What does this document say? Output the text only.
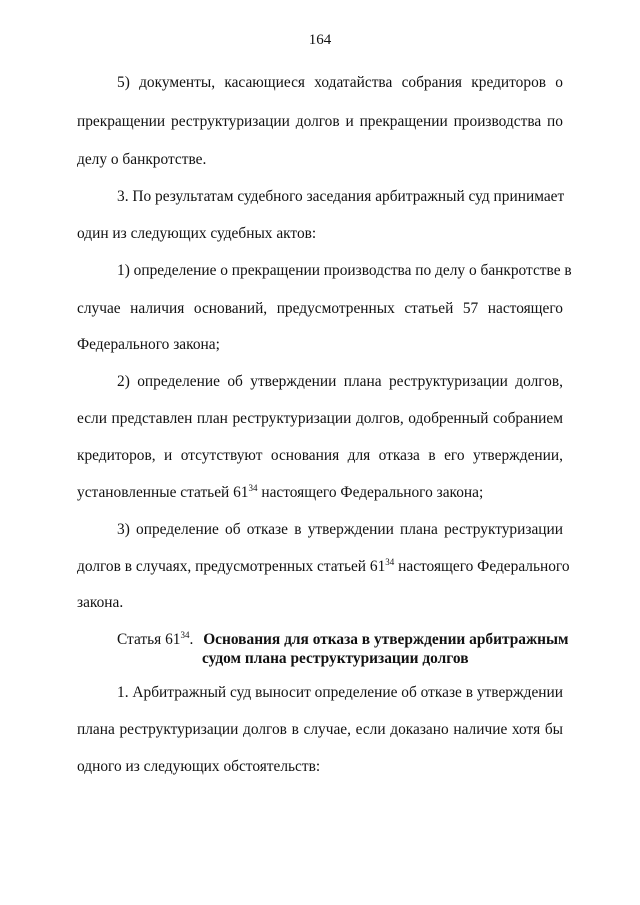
164
5) документы, касающиеся ходатайства собрания кредиторов о
прекращении реструктуризации долгов и прекращении производства по
делу о банкротстве.
3. По результатам судебного заседания арбитражный суд принимает
один из следующих судебных актов:
1) определение о прекращении производства по делу о банкротстве в
случае наличия оснований, предусмотренных статьей 57 настоящего
Федерального закона;
2) определение об утверждении плана реструктуризации долгов,
если представлен план реструктуризации долгов, одобренный собранием
кредиторов, и отсутствуют основания для отказа в его утверждении,
установленные статьей $61^{34}$ настоящего Федерального закона;
3) определение об отказе в утверждении плана реструктуризации
долгов в случаях, предусмотренных статьей $61^{34}$ настоящего Федерального
закона.
Статья $61^{34}$. Основания для отказа в утверждении арбитражным
судом плана реструктуризации долгов
1. Арбитражный суд выносит определение об отказе в утверждении
плана реструктуризации долгов в случае, если доказано наличие хотя бы
одного из следующих обстоятельств:
